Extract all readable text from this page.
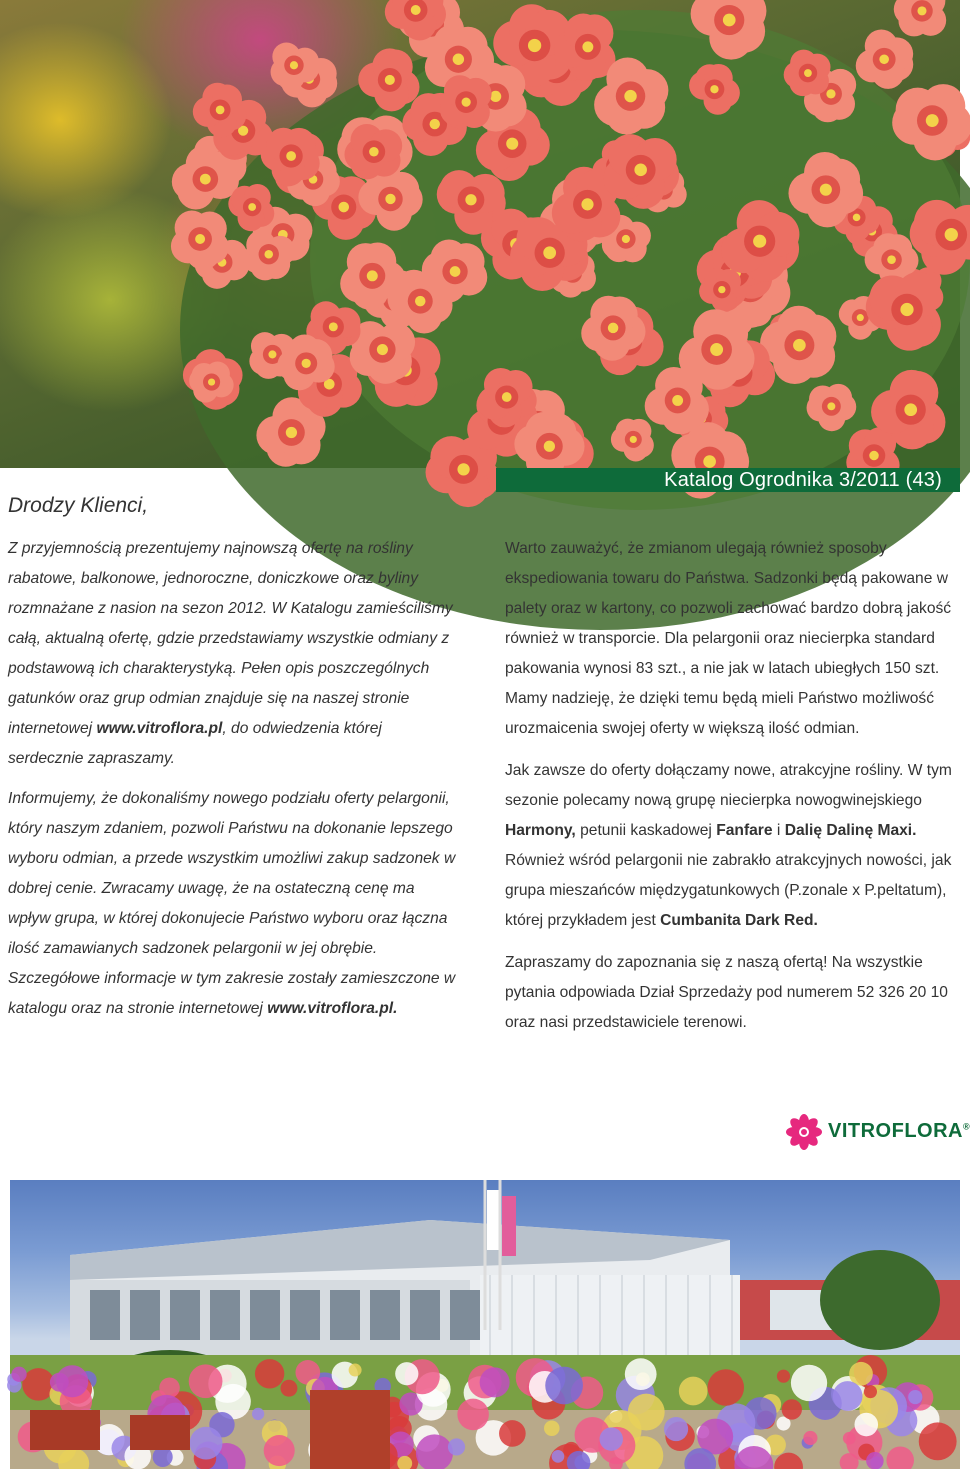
Katalog Ogrodnika 3/2011 (43)
Drodzy Klienci,

Z przyjemnością prezentujemy najnowszą ofertę na rośliny rabatowe, balkonowe, jednoroczne, doniczkowe oraz byliny rozmnażane z nasion na sezon 2012. W Katalogu zamieściliśmy całą, aktualną ofertę, gdzie przedstawiamy wszystkie odmiany z podstawową ich charakterystyką. Pełen opis poszczególnych gatunków oraz grup odmian znajduje się na naszej stronie internetowej www.vitroflora.pl, do odwiedzenia której serdecznie zapraszamy.

Informujemy, że dokonaliśmy nowego podziału oferty pelargonii, który naszym zdaniem, pozwoli Państwu na dokonanie lepszego wyboru odmian, a przede wszystkim umożliwi zakup sadzonek w dobrej cenie. Zwracamy uwagę, że na ostateczną cenę ma wpływ grupa, w której dokonujecie Państwo wyboru oraz łączna ilość zamawianych sadzonek pelargonii w jej obrębie. Szczegółowe informacje w tym zakresie zostały zamieszczone w katalogu oraz na stronie internetowej www.vitroflora.pl.

Warto zauważyć, że zmianom ulegają również sposoby ekspediowania towaru do Państwa. Sadzonki będą pakowane w palety oraz w kartony, co pozwoli zachować bardzo dobrą jakość również w transporcie. Dla pelargonii oraz niecierpka standard pakowania wynosi 83 szt., a nie jak w latach ubiegłych 150 szt. Mamy nadzieję, że dzięki temu będą mieli Państwo możliwość urozmaicenia swojej oferty w większą ilość odmian.

Jak zawsze do oferty dołączamy nowe, atrakcyjne rośliny. W tym sezonie polecamy nową grupę niecierpka nowogwinejskiego Harmony, petunii kaskadowej Fanfare i Dalię Dalinę Maxi. Również wśród pelargonii nie zabrakło atrakcyjnych nowości, jak grupa mieszańców międzygatunkowych (P.zonale x P.peltatum), której przykładem jest Cumbanita Dark Red.

Zapraszamy do zapoznania się z naszą ofertą! Na wszystkie pytania odpowiada Dział Sprzedaży pod numerem 52 326 20 10 oraz nasi przedstawiciele terenowi.

VITROFLORA®
